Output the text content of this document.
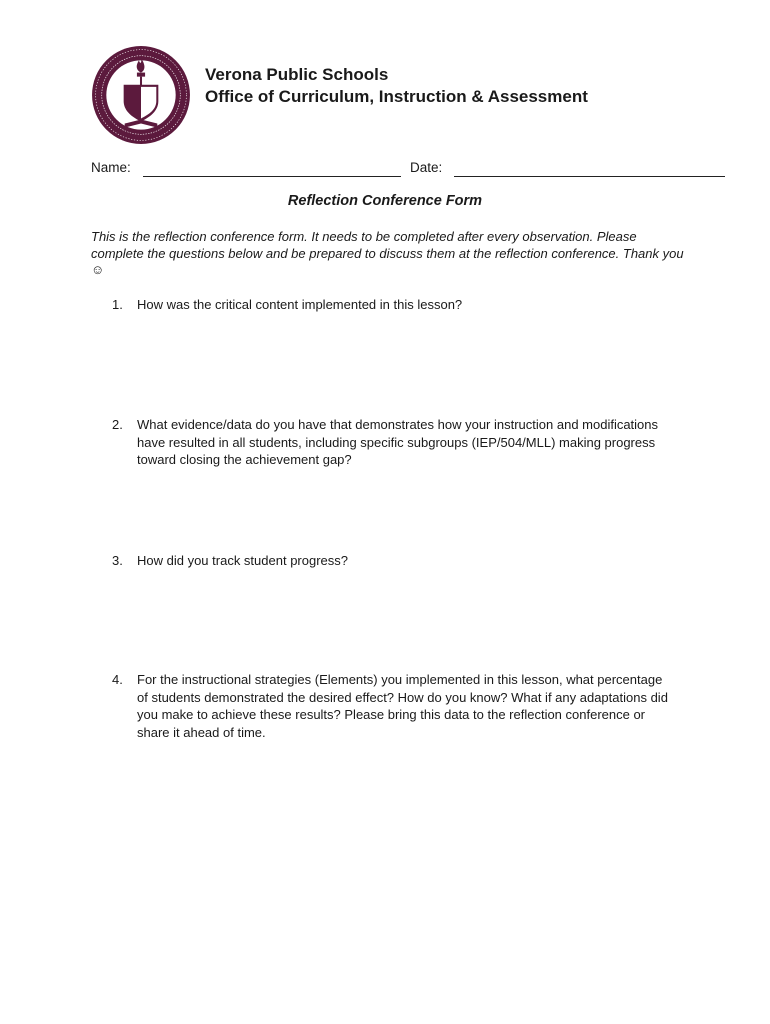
Verona Public Schools
Office of Curriculum, Instruction & Assessment
Name:	Date:
Reflection Conference Form
This is the reflection conference form. It needs to be completed after every observation. Please complete the questions below and be prepared to discuss them at the reflection conference. Thank you☺
1. How was the critical content implemented in this lesson?
2. What evidence/data do you have that demonstrates how your instruction and modifications have resulted in all students, including specific subgroups (IEP/504/MLL) making progress toward closing the achievement gap?
3. How did you track student progress?
4. For the instructional strategies (Elements) you implemented in this lesson, what percentage of students demonstrated the desired effect? How do you know? What if any adaptations did you make to achieve these results? Please bring this data to the reflection conference or share it ahead of time.
